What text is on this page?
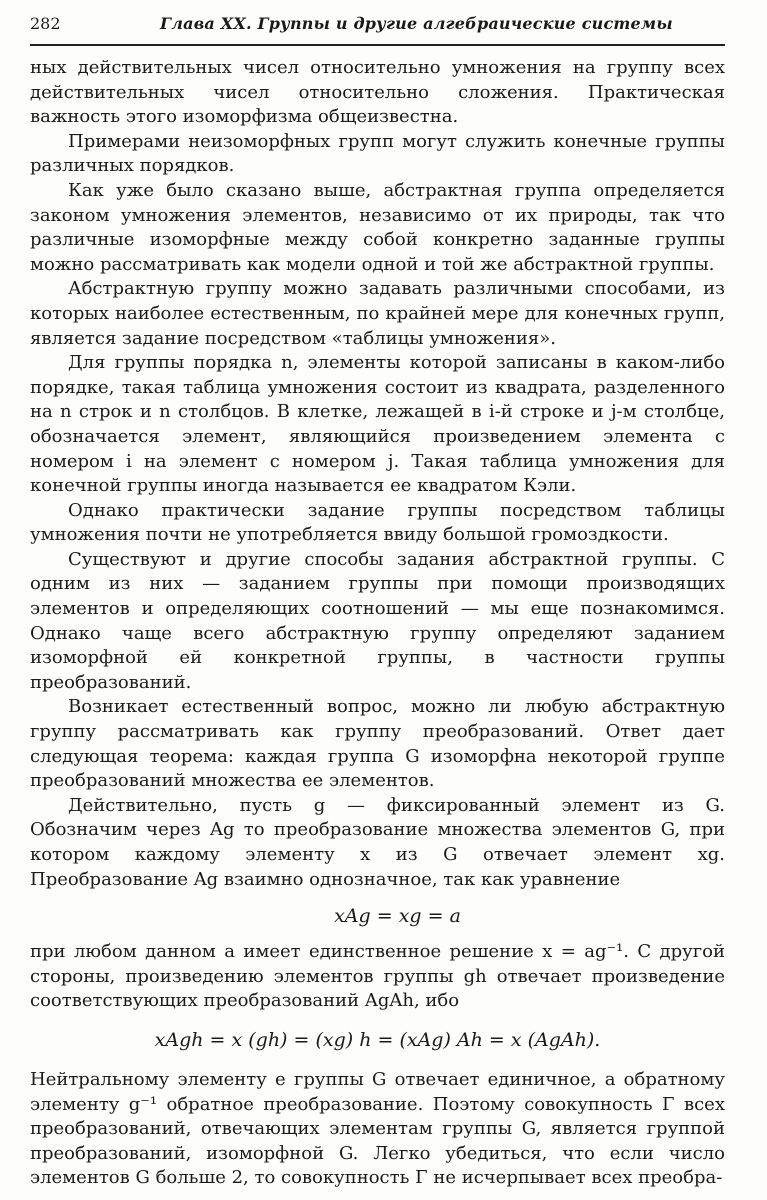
282	Глава XX. Группы и другие алгебраические системы

ных действительных чисел относительно умножения на группу всех действительных чисел относительно сложения. Практическая важность этого изоморфизма общеизвестна.

Примерами неизоморфных групп могут служить конечные группы различных порядков.

Как уже было сказано выше, абстрактная группа определяется законом умножения элементов, независимо от их природы, так что различные изоморфные между собой конкретно заданные группы можно рассматривать как модели одной и той же абстрактной группы.

Абстрактную группу можно задавать различными способами, из которых наиболее естественным, по крайней мере для конечных групп, является задание посредством «таблицы умножения».

Для группы порядка n, элементы которой записаны в каком-либо порядке, такая таблица умножения состоит из квадрата, разделенного на n строк и n столбцов. В клетке, лежащей в i-й строке и j-м столбце, обозначается элемент, являющийся произведением элемента с номером i на элемент с номером j. Такая таблица умножения для конечной группы иногда называется ее квадратом Кэли.

Однако практически задание группы посредством таблицы умножения почти не употребляется ввиду большой громоздкости.

Существуют и другие способы задания абстрактной группы. С одним из них — заданием группы при помощи производящих элементов и определяющих соотношений — мы еще познакомимся. Однако чаще всего абстрактную группу определяют заданием изоморфной ей конкретной группы, в частности группы преобразований.

Возникает естественный вопрос, можно ли любую абстрактную группу рассматривать как группу преобразований. Ответ дает следующая теорема: каждая группа G изоморфна некоторой группе преобразований множества ее элементов.

Действительно, пусть g — фиксированный элемент из G. Обозначим через Ag то преобразование множества элементов G, при котором каждому элементу x из G отвечает элемент xg. Преобразование Ag взаимно однозначное, так как уравнение

xAg = xg = a

при любом данном a имеет единственное решение x = ag⁻¹. С другой стороны, произведению элементов группы gh отвечает произведение соответствующих преобразований AgAh, ибо

xAgh = x (gh) = (xg) h = (xAg) Ah = x (AgAh).

Нейтральному элементу e группы G отвечает единичное, а обратному элементу g⁻¹ обратное преобразование. Поэтому совокупность Γ всех преобразований, отвечающих элементам группы G, является группой преобразований, изоморфной G. Легко убедиться, что если число элементов G больше 2, то совокупность Γ не исчерпывает всех преобра-
